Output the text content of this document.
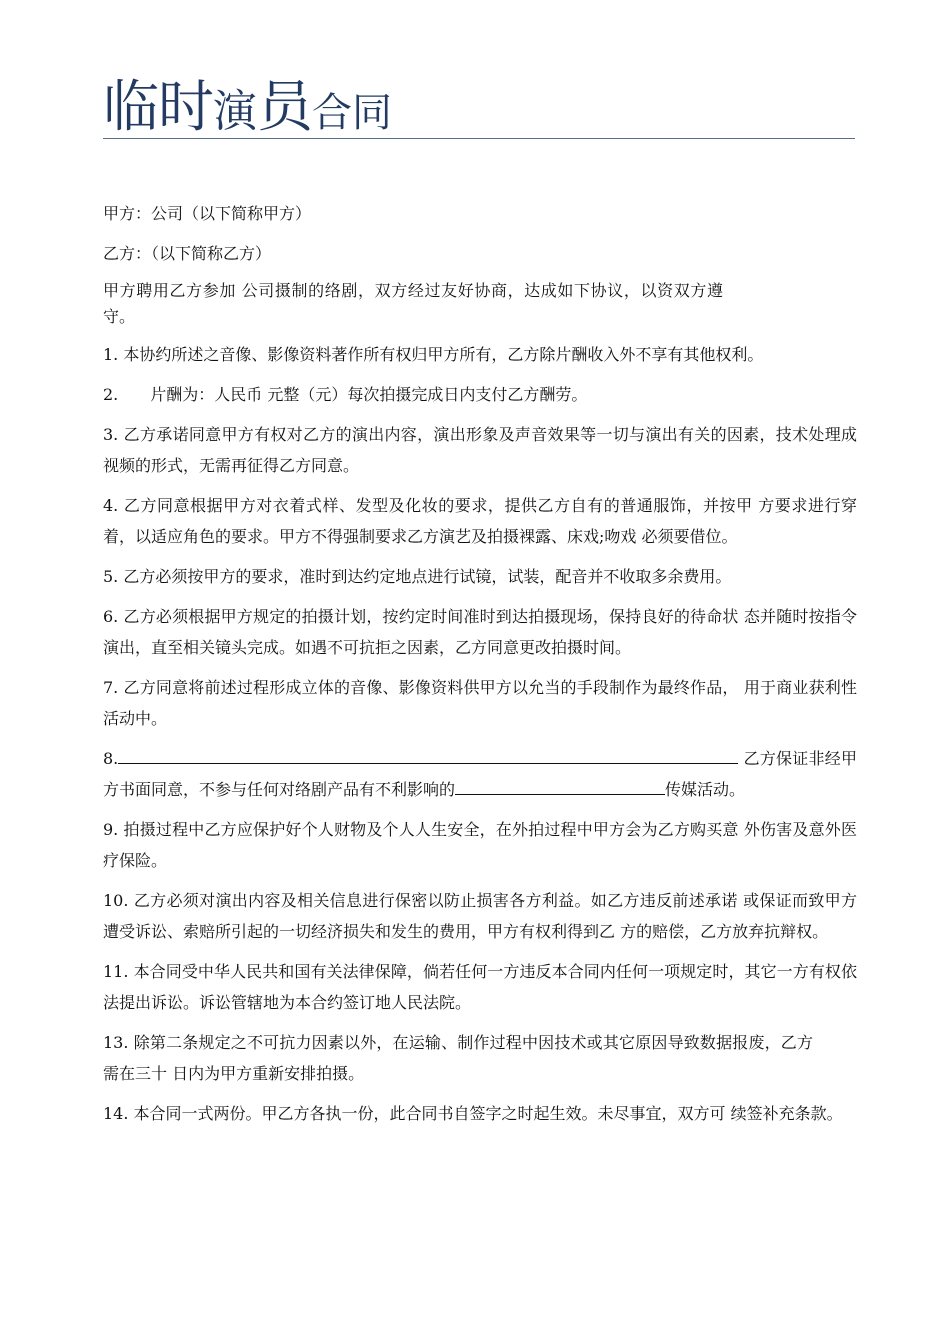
临时演员合同

甲方：公司（以下简称甲方）

乙方：（以下简称乙方）

甲方聘用乙方参加 公司摄制的络剧，双方经过友好协商，达成如下协议，以资双方遵守。

1. 本协约所述之音像、影像资料著作所有权归甲方所有，乙方除片酬收入外不享有其他权利。

2.　　片酬为：人民币 元整（元）每次拍摄完成日内支付乙方酬劳。

3. 乙方承诺同意甲方有权对乙方的演出内容，演出形象及声音效果等一切与演出有关的因素，技术处理成视频的形式，无需再征得乙方同意。

4. 乙方同意根据甲方对衣着式样、发型及化妆的要求，提供乙方自有的普通服饰，并按甲 方要求进行穿着，以适应角色的要求。甲方不得强制要求乙方演艺及拍摄裸露、床戏;吻戏 必须要借位。

5. 乙方必须按甲方的要求，准时到达约定地点进行试镜，试装，配音并不收取多余费用。

6. 乙方必须根据甲方规定的拍摄计划，按约定时间准时到达拍摄现场，保持良好的待命状 态并随时按指令演出，直至相关镜头完成。如遇不可抗拒之因素，乙方同意更改拍摄时间。

7. 乙方同意将前述过程形成立体的音像、影像资料供甲方以允当的手段制作为最终作品， 用于商业获利性活动中。

8.	乙方保证非经甲方书面同意，不参与任何对络剧产品有不利影响的	传媒活动。

9. 拍摄过程中乙方应保护好个人财物及个人人生安全，在外拍过程中甲方会为乙方购买意 外伤害及意外医疗保险。

10. 乙方必须对演出内容及相关信息进行保密以防止损害各方利益。如乙方违反前述承诺 或保证而致甲方遭受诉讼、索赔所引起的一切经济损失和发生的费用，甲方有权利得到乙 方的赔偿，乙方放弃抗辩权。

11. 本合同受中华人民共和国有关法律保障，倘若任何一方违反本合同内任何一项规定时，其它一方有权依法提出诉讼。诉讼管辖地为本合约签订地人民法院。

13. 除第二条规定之不可抗力因素以外，在运输、制作过程中因技术或其它原因导致数据报废，乙方需在三十 日内为甲方重新安排拍摄。

14. 本合同一式两份。甲乙方各执一份，此合同书自签字之时起生效。未尽事宜，双方可 续签补充条款。
